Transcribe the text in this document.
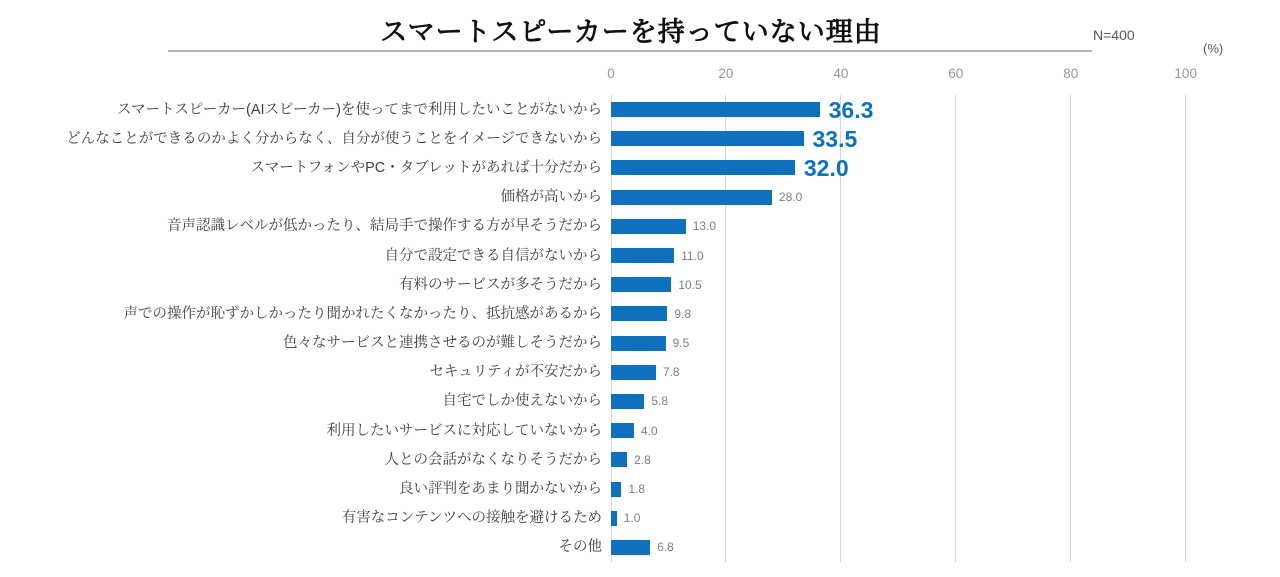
スマートスピーカーを持っていない理由	N=400
(%)
0	20	40	60	80	100
スマートスピーカー(AIスピーカー)を使ってまで利用したいことがないから	36.3
どんなことができるのかよく分からなく、自分が使うことをイメージできないから	33.5
スマートフォンやPC・タブレットがあれば十分だから	32.0
価格が高いから	28.0
音声認識レベルが低かったり、結局手で操作する方が早そうだから	13.0
自分で設定できる自信がないから	11.0
有料のサービスが多そうだから	10.5
声での操作が恥ずかしかったり聞かれたくなかったり、抵抗感があるから	9.8
色々なサービスと連携させるのが難しそうだから	9.5
セキュリティが不安だから	7.8
自宅でしか使えないから	5.8
利用したいサービスに対応していないから	4.0
人との会話がなくなりそうだから	2.8
良い評判をあまり聞かないから 1.8
有害なコンテンツへの接触を避けるため 1.0
その他	6.8
